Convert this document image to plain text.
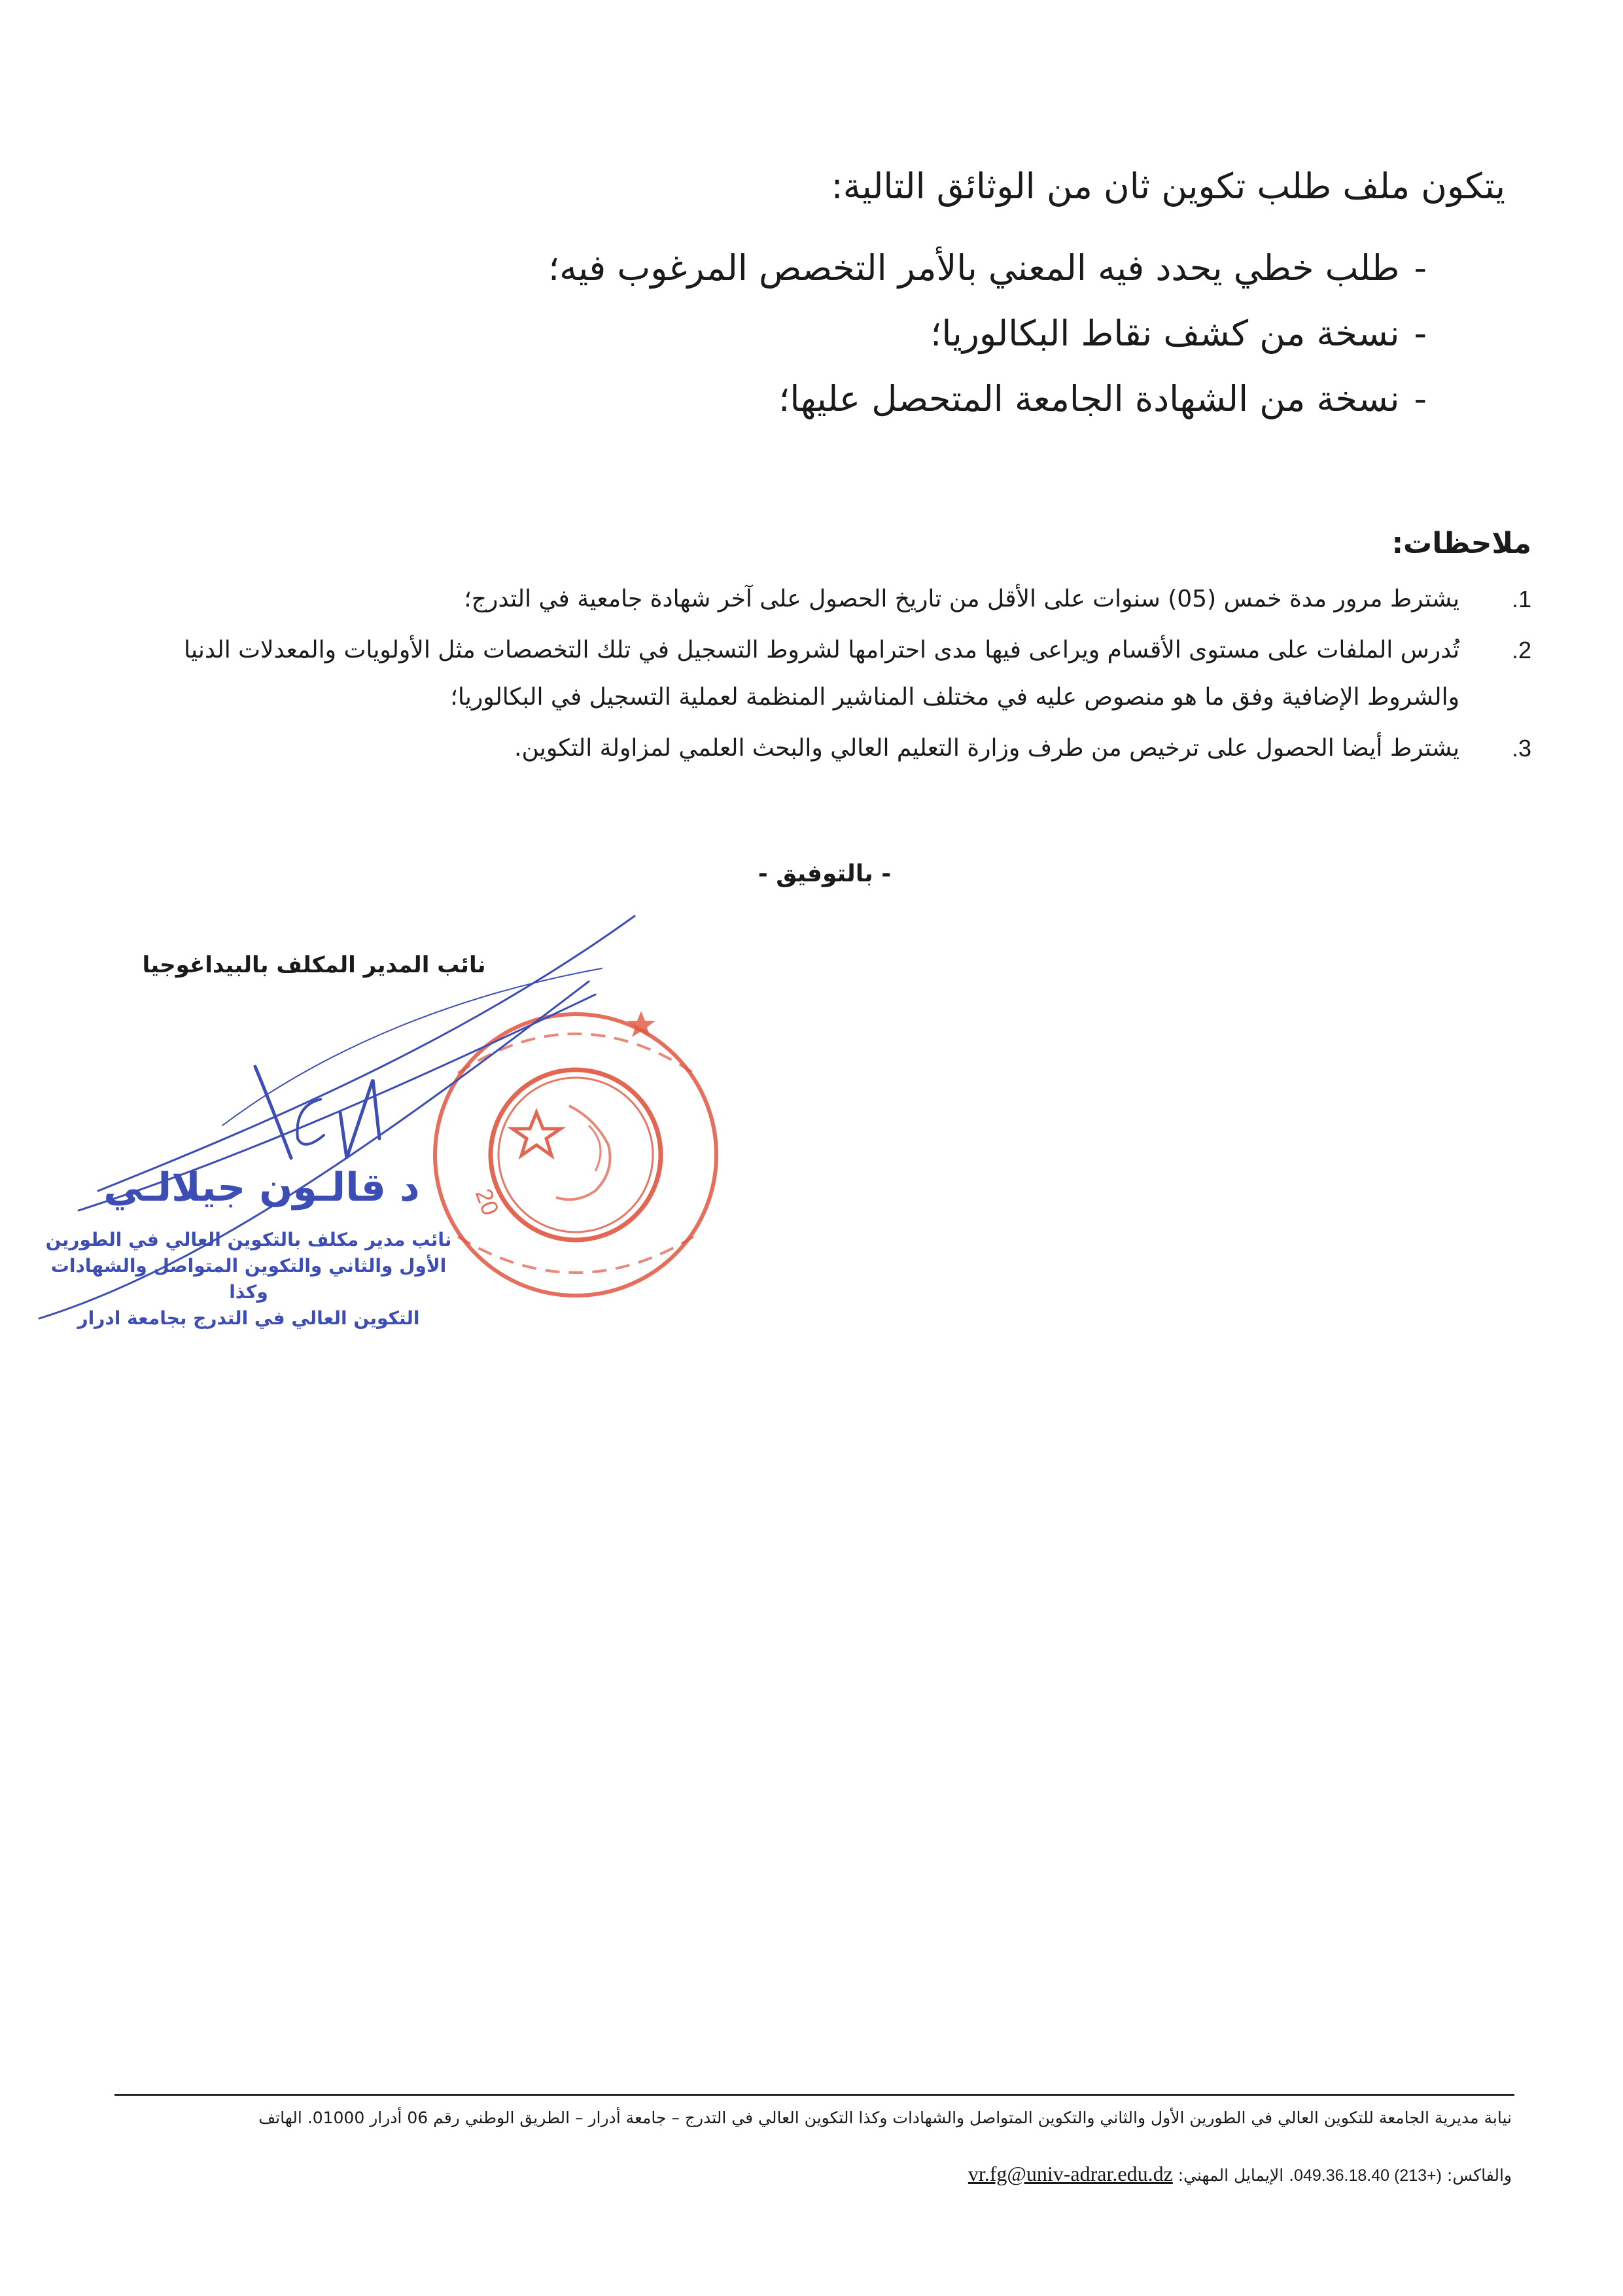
يتكون ملف طلب تكوين ثان من الوثائق التالية:
-طلب خطي يحدد فيه المعني بالأمر التخصص المرغوب فيه؛
-نسخة من كشف نقاط البكالوريا؛
-نسخة من الشهادة الجامعة المتحصل عليها؛
ملاحظات:
1.
يشترط مرور مدة خمس (05) سنوات على الأقل من تاريخ الحصول على آخر شهادة جامعية في التدرج؛
2.
تُدرس الملفات على مستوى الأقسام ويراعى فيها مدى احترامها لشروط التسجيل في تلك التخصصات مثل الأولويات والمعدلات الدنيا والشروط الإضافية وفق ما هو منصوص عليه في مختلف المناشير المنظمة لعملية التسجيل في البكالوريا؛
3.
يشترط أيضا الحصول على ترخيص من طرف وزارة التعليم العالي والبحث العلمي لمزاولة التكوين.
- بالتوفيق -
نائب المدير المكلف بالبيداغوجيا
20
د قالـون جيلالـي
نائب مدير مكلف بالتكوين العالي في الطورين
الأول والثاني والتكوين المتواصل والشهادات وكذا
التكوين العالي في التدرج بجامعة ادرار
نيابة مديرية الجامعة للتكوين العالي في الطورين الأول والثاني والتكوين المتواصل والشهادات وكذا التكوين العالي في التدرج – جامعة أدرار – الطريق الوطني رقم 06 أدرار 01000. الهاتف
والفاكس: 049.36.18.40 (213+). الإيمايل المهني: vr.fg@univ-adrar.edu.dz
